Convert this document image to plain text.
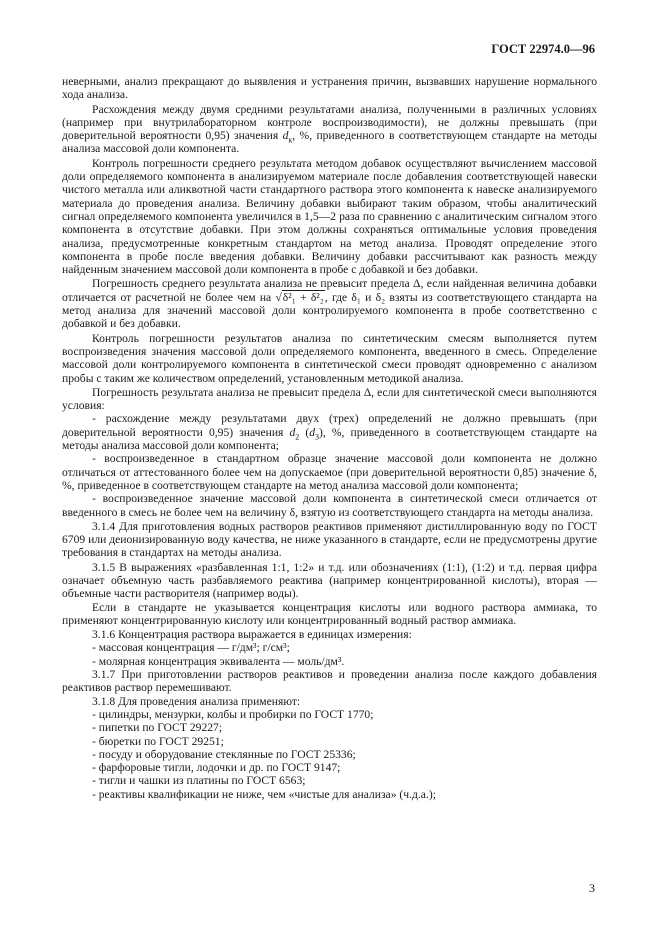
ГОСТ 22974.0—96

неверными, анализ прекращают до выявления и устранения причин, вызвавших нарушение нормального хода анализа.

Расхождения между двумя средними результатами анализа, полученными в различных условиях (например при внутрилабораторном контроле воспроизводимости), не должны превышать (при доверительной вероятности 0,95) значения $d_к$, %, приведенного в соответствующем стандарте на методы анализа массовой доли компонента.

Контроль погрешности среднего результата методом добавок осуществляют вычислением массовой доли определяемого компонента в анализируемом материале после добавления соответствующей навески чистого металла или аликвотной части стандартного раствора этого компонента к навеске анализируемого материала до проведения анализа. Величину добавки выбирают таким образом, чтобы аналитический сигнал определяемого компонента увеличился в 1,5—2 раза по сравнению с аналитическим сигналом этого компонента в отсутствие добавки. При этом должны сохраняться оптимальные условия проведения анализа, предусмотренные конкретным стандартом на метод анализа. Проводят определение этого компонента в пробе после введения добавки. Величину добавки рассчитывают как разность между найденным значением массовой доли компонента в пробе с добавкой и без добавки.

Погрешность среднего результата анализа не превысит предела Δ, если найденная величина добавки отличается от расчетной не более чем на √δ²₁ + δ²₂, где δ₁ и δ₂ взяты из соответствующего стандарта на метод анализа для значений массовой доли контролируемого компонента в пробе соответственно с добавкой и без добавки.

Контроль погрешности результатов анализа по синтетическим смесям выполняется путем воспроизведения значения массовой доли определяемого компонента, введенного в смесь. Определение массовой доли контролируемого компонента в синтетической смеси проводят одновременно с анализом пробы с таким же количеством определений, установленным методикой анализа.

Погрешность результата анализа не превысит предела Δ, если для синтетической смеси выполняются условия:

- расхождение между результатами двух (трех) определений не должно превышать (при доверительной вероятности 0,95) значения $d_2$ $(d_3)$, %, приведенного в соответствующем стандарте на методы анализа массовой доли компонента;

- воспроизведенное в стандартном образце значение массовой доли компонента не должно отличаться от аттестованного более чем на допускаемое (при доверительной вероятности 0,85) значение δ, %, приведенное в соответствующем стандарте на метод анализа массовой доли компонента;

- воспроизведенное значение массовой доли компонента в синтетической смеси отличается от введенного в смесь не более чем на величину δ, взятую из соответствующего стандарта на методы анализа.

3.1.4 Для приготовления водных растворов реактивов применяют дистиллированную воду по ГОСТ 6709 или деионизированную воду качества, не ниже указанного в стандарте, если не предусмотрены другие требования в стандартах на методы анализа.

3.1.5 В выражениях «разбавленная 1:1, 1:2» и т.д. или обозначениях (1:1), (1:2) и т.д. первая цифра означает объемную часть разбавляемого реактива (например концентрированной кислоты), вторая — объемные части растворителя (например воды).

Если в стандарте не указывается концентрация кислоты или водного раствора аммиака, то применяют концентрированную кислоту или концентрированный водный раствор аммиака.

3.1.6 Концентрация раствора выражается в единицах измерения:

- массовая концентрация — г/дм³; г/см³;

- молярная концентрация эквивалента — моль/дм³.

3.1.7 При приготовлении растворов реактивов и проведении анализа после каждого добавления реактивов раствор перемешивают.

3.1.8 Для проведения анализа применяют:

- цилиндры, мензурки, колбы и пробирки по ГОСТ 1770;

- пипетки по ГОСТ 29227;

- бюретки по ГОСТ 29251;

- посуду и оборудование стеклянные по ГОСТ 25336;

- фарфоровые тигли, лодочки и др. по ГОСТ 9147;

- тигли и чашки из платины по ГОСТ 6563;

- реактивы квалификации не ниже, чем «чистые для анализа» (ч.д.а.);

3
